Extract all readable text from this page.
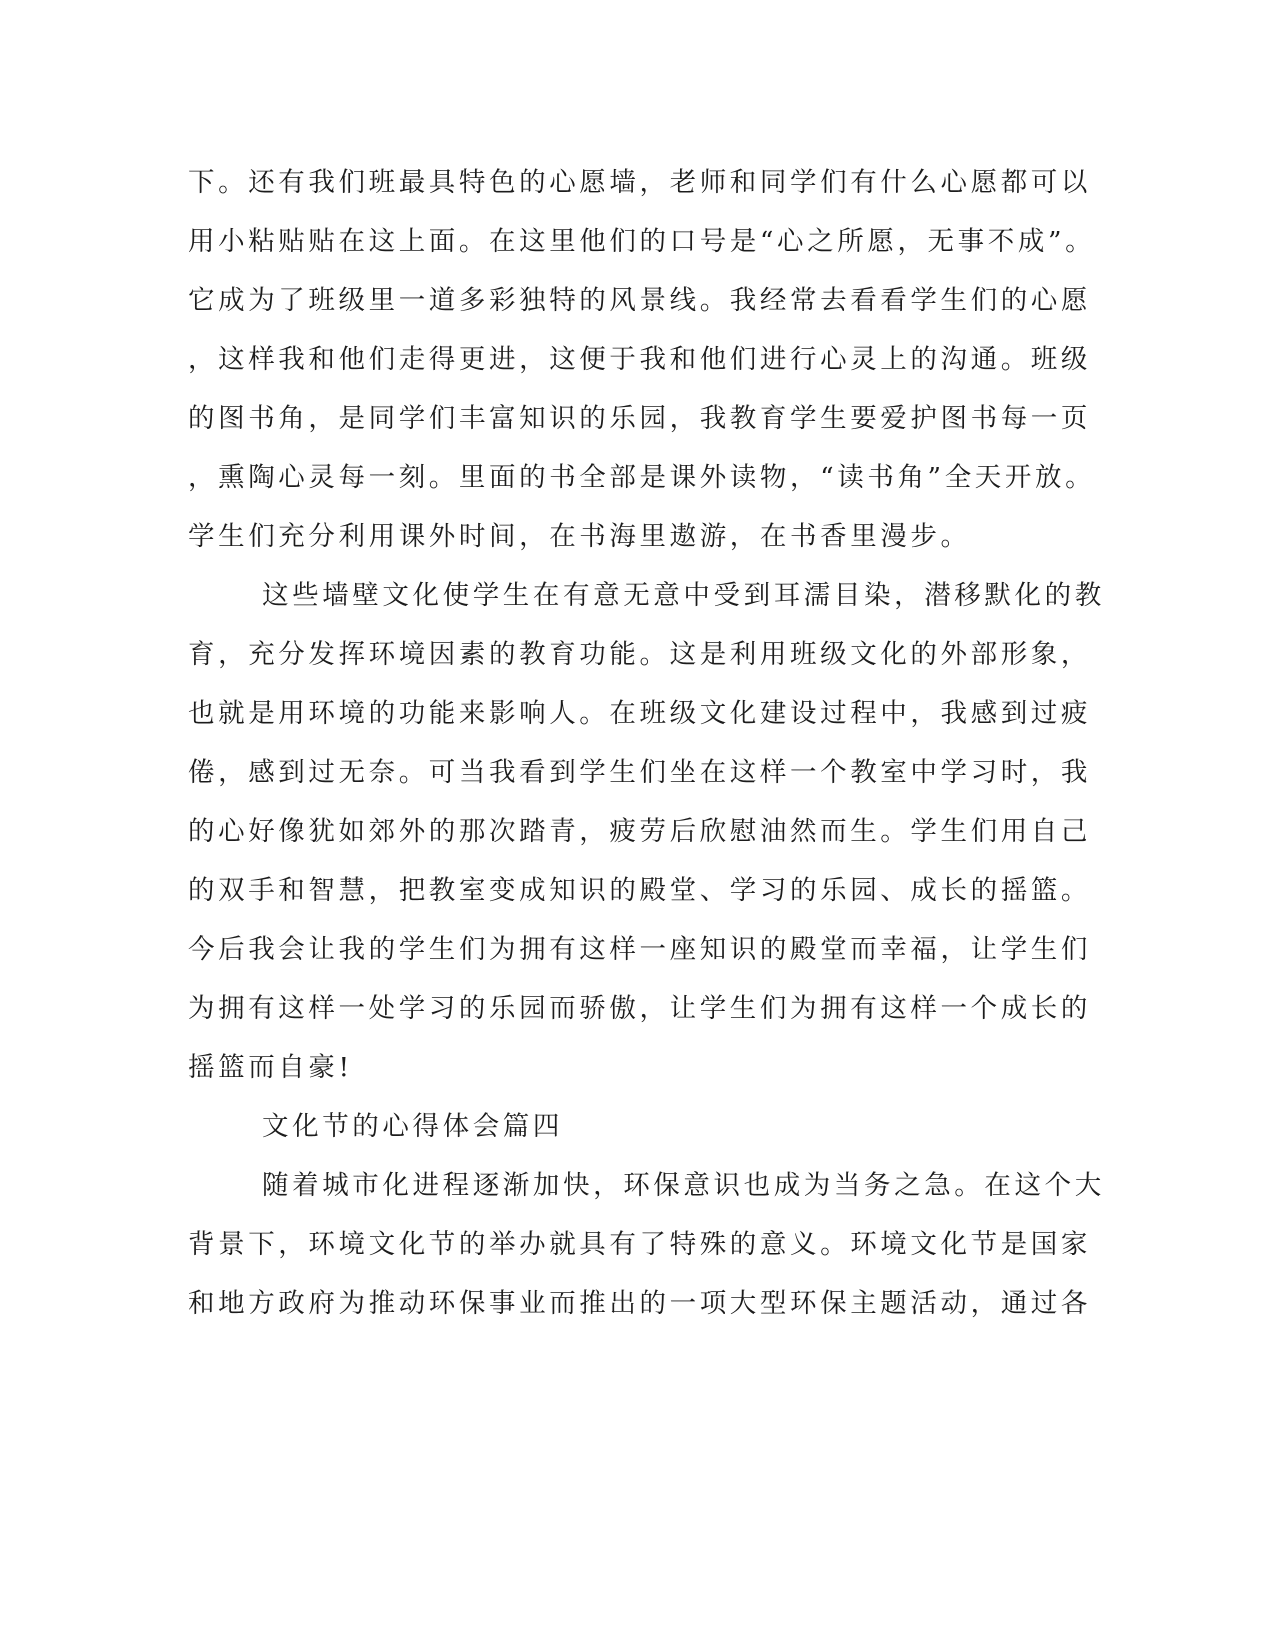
下。还有我们班最具特色的心愿墙，老师和同学们有什么心愿都可以
用小粘贴贴在这上面。在这里他们的口号是“心之所愿，无事不成”。
它成为了班级里一道多彩独特的风景线。我经常去看看学生们的心愿
，这样我和他们走得更进，这便于我和他们进行心灵上的沟通。班级
的图书角，是同学们丰富知识的乐园，我教育学生要爱护图书每一页
，熏陶心灵每一刻。里面的书全部是课外读物，“读书角”全天开放。
学生们充分利用课外时间，在书海里遨游，在书香里漫步。
这些墙壁文化使学生在有意无意中受到耳濡目染，潜移默化的教
育，充分发挥环境因素的教育功能。这是利用班级文化的外部形象，
也就是用环境的功能来影响人。在班级文化建设过程中，我感到过疲
倦，感到过无奈。可当我看到学生们坐在这样一个教室中学习时，我
的心好像犹如郊外的那次踏青，疲劳后欣慰油然而生。学生们用自己
的双手和智慧，把教室变成知识的殿堂、学习的乐园、成长的摇篮。
今后我会让我的学生们为拥有这样一座知识的殿堂而幸福，让学生们
为拥有这样一处学习的乐园而骄傲，让学生们为拥有这样一个成长的
摇篮而自豪!
文化节的心得体会篇四
随着城市化进程逐渐加快，环保意识也成为当务之急。在这个大
背景下，环境文化节的举办就具有了特殊的意义。环境文化节是国家
和地方政府为推动环保事业而推出的一项大型环保主题活动，通过各
